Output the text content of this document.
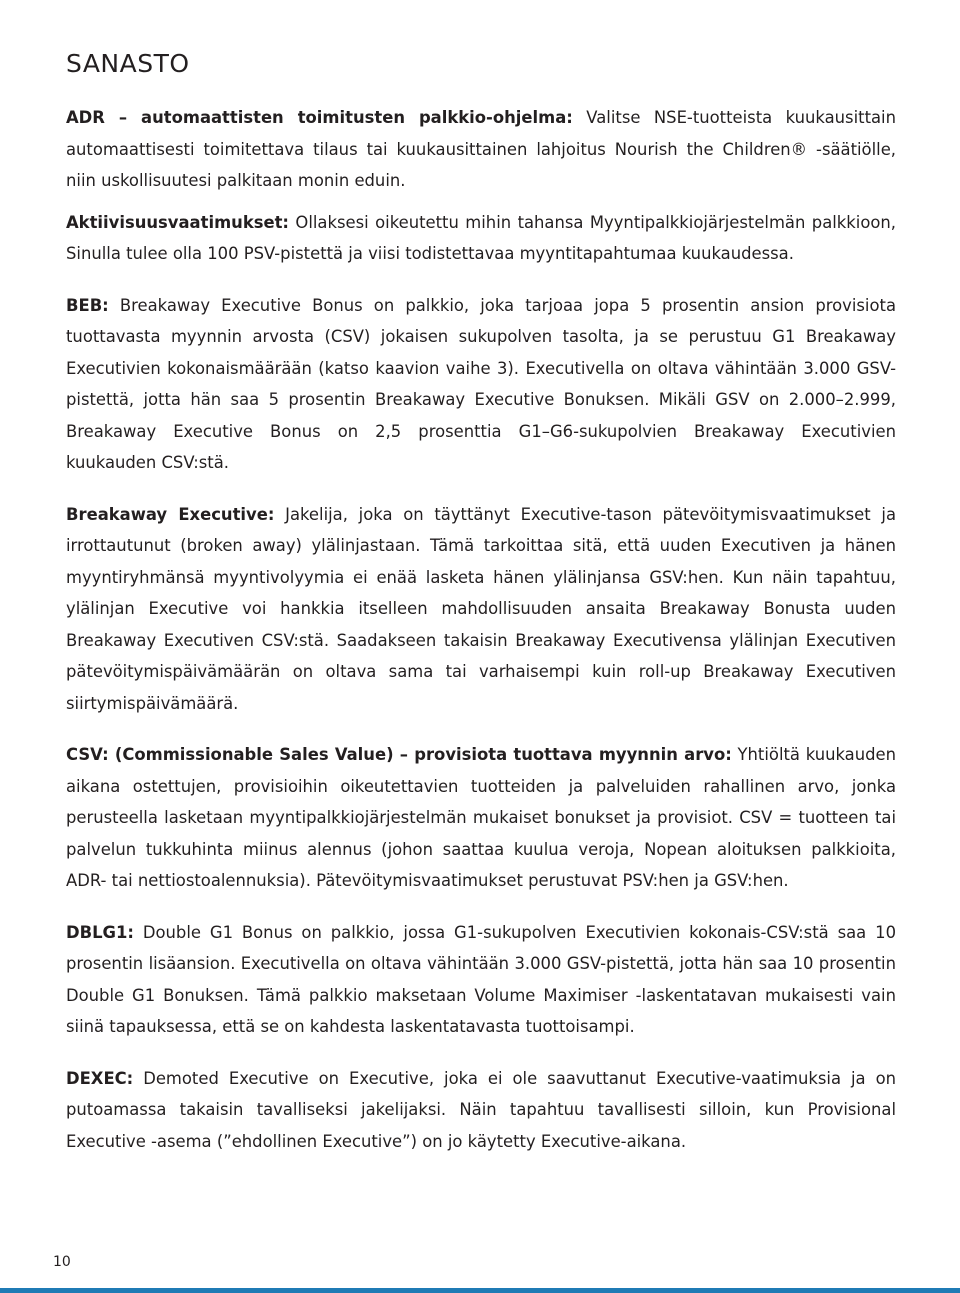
SANASTO

ADR – automaattisten toimitusten palkkio-ohjelma: Valitse NSE-tuotteista kuukausittain automaattisesti toimitettava tilaus tai kuukausittainen lahjoitus Nourish the Children® -säätiölle, niin uskollisuutesi palkitaan monin eduin.

Aktiivisuusvaatimukset: Ollaksesi oikeutettu mihin tahansa Myyntipalkkiojärjestelmän palkkioon, Sinulla tulee olla 100 PSV-pistettä ja viisi todistettavaa myyntitapahtumaa kuukaudessa.

BEB: Breakaway Executive Bonus on palkkio, joka tarjoaa jopa 5 prosentin ansion provisiota tuottavasta myynnin arvosta (CSV) jokaisen sukupolven tasolta, ja se perustuu G1 Breakaway Executivien kokonaismäärään (katso kaavion vaihe 3). Executivella on oltava vähintään 3.000 GSV-pistettä, jotta hän saa 5 prosentin Breakaway Executive Bonuksen. Mikäli GSV on 2.000–2.999, Breakaway Executive Bonus on 2,5 prosenttia G1–G6-sukupolvien Breakaway Executivien kuukauden CSV:stä.

Breakaway Executive: Jakelija, joka on täyttänyt Executive-tason pätevöitymisvaatimukset ja irrottautunut (broken away) ylälinjastaan. Tämä tarkoittaa sitä, että uuden Executiven ja hänen myyntiryhmänsä myyntivolyymia ei enää lasketa hänen ylälinjansa GSV:hen. Kun näin tapahtuu, ylälinjan Executive voi hankkia itselleen mahdollisuuden ansaita Breakaway Bonusta uuden Breakaway Executiven CSV:stä. Saadakseen takaisin Breakaway Executivensa ylälinjan Executiven pätevöitymispäivämäärän on oltava sama tai varhaisempi kuin roll-up Breakaway Executiven siirtymispäivämäärä.

CSV: (Commissionable Sales Value) – provisiota tuottava myynnin arvo: Yhtiöltä kuukauden aikana ostettujen, provisioihin oikeutettavien tuotteiden ja palveluiden rahallinen arvo, jonka perusteella lasketaan myyntipalkkiojärjestelmän mukaiset bonukset ja provisiot. CSV = tuotteen tai palvelun tukkuhinta miinus alennus (johon saattaa kuulua veroja, Nopean aloituksen palkkioita, ADR- tai nettiostoalennuksia). Pätevöitymisvaatimukset perustuvat PSV:hen ja GSV:hen.

DBLG1: Double G1 Bonus on palkkio, jossa G1-sukupolven Executivien kokonais-CSV:stä saa 10 prosentin lisäansion. Executivella on oltava vähintään 3.000 GSV-pistettä, jotta hän saa 10 prosentin Double G1 Bonuksen. Tämä palkkio maksetaan Volume Maximiser -laskentatavan mukaisesti vain siinä tapauksessa, että se on kahdesta laskentatavasta tuottoisampi.

DEXEC: Demoted Executive on Executive, joka ei ole saavuttanut Executive-vaatimuksia ja on putoamassa takaisin tavalliseksi jakelijaksi. Näin tapahtuu tavallisesti silloin, kun Provisional Executive -asema (”ehdollinen Executive”) on jo käytetty Executive-aikana.

10
